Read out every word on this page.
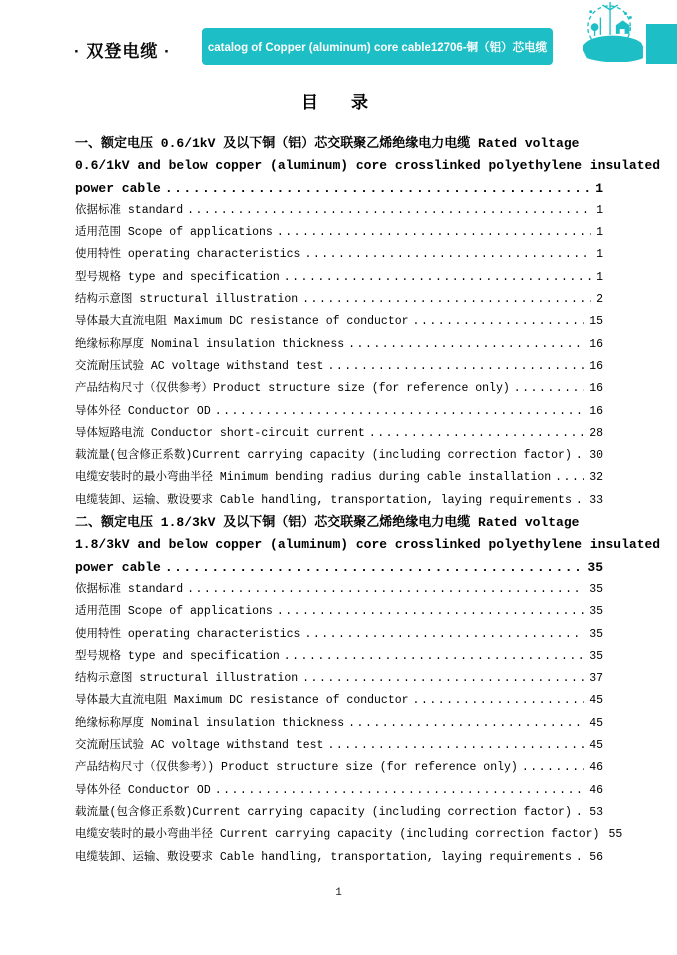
· 双登电缆 ·	catalog of Copper (aluminum) core cable12706-铜（铝）芯电缆
目　录
一、额定电压 0.6/1kV 及以下铜（铝）芯交联聚乙烯绝缘电力电缆 Rated voltage
0.6/1kV and below copper (aluminum) core crosslinked polyethylene insulated
power cable .....	1
依据标准 standard .....	1
适用范围 Scope of applications .....	1
使用特性 operating characteristics .....	1
型号规格 type and specification .....	1
结构示意图 structural illustration .....	2
导体最大直流电阻 Maximum DC resistance of conductor .....	15
绝缘标称厚度 Nominal insulation thickness .....	16
交流耐压试验 AC voltage withstand test .....	16
产品结构尺寸（仅供参考）Product structure size (for reference only) .....	16
导体外径 Conductor OD .....	16
导体短路电流 Conductor short-circuit current .....	28
载流量(包含修正系数)Current carrying capacity (including correction factor) .....	30
电缆安装时的最小弯曲半径 Minimum bending radius during cable installation .....	32
电缆装卸、运输、敷设要求 Cable handling, transportation, laying requirements .....	33
二、额定电压 1.8/3kV 及以下铜（铝）芯交联聚乙烯绝缘电力电缆 Rated voltage
1.8/3kV and below copper (aluminum) core crosslinked polyethylene insulated
power cable .....	35
依据标准 standard .....	35
适用范围 Scope of applications .....	35
使用特性 operating characteristics .....	35
型号规格 type and specification .....	35
结构示意图 structural illustration .....	37
导体最大直流电阻 Maximum DC resistance of conductor .....	45
绝缘标称厚度 Nominal insulation thickness .....	45
交流耐压试验 AC voltage withstand test .....	45
产品结构尺寸（仅供参考）) Product structure size (for reference only) .....	46
导体外径 Conductor OD .....	46
载流量(包含修正系数)Current carrying capacity (including correction factor) .....	53
电缆安装时的最小弯曲半径 Current carrying capacity (including correction factor) 55
电缆装卸、运输、敷设要求 Cable handling, transportation, laying requirements .....	56
1
